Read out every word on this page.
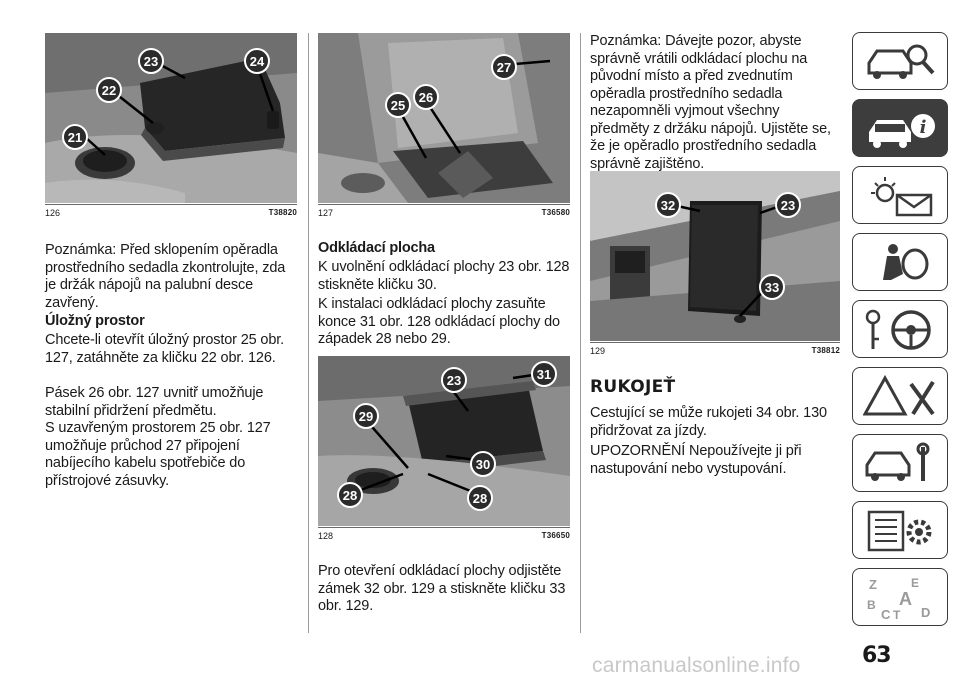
21
22
23	24
126	T38820

Poznámka: Před sklopením opěradla prostředního sedadla zkontrolujte, zda je držák nápojů na palubní desce zavřený.

Úložný prostor

Chcete-li otevřít úložný prostor 25 obr. 127, zatáhněte za kličku 22 obr. 126.

Pásek 26 obr. 127 uvnitř umožňuje stabilní přidržení předmětu.

S uzavřeným prostorem 25 obr. 127 umožňuje průchod 27 připojení nabíjecího kabelu spotřebiče do přístrojové zásuvky.

25
26
27
127	T36580
Odkládací plocha

K uvolnění odkládací plochy 23 obr. 128 stiskněte kličku 30.

K instalaci odkládací plochy zasuňte konce 31 obr. 128 odkládací plochy do západek 28 nebo 29.

23	31
29
30
28	28
128	T36650

Pro otevření odkládací plochy odjistěte zámek 32 obr. 129 a stiskněte kličku 33 obr. 129.

Poznámka: Dávejte pozor, abyste správně vrátili odkládací plochu na původní místo a před zvednutím opěradla prostředního sedadla nezapomněli vyjmout všechny předměty z držáku nápojů. Ujistěte se, že je opěradlo prostředního sedadla správně zajištěno.

32	23
33
129	T38812
RUKOJEŤ

Cestující se může rukojeti 34 obr. 130 přidržovat za jízdy.

UPOZORNĚNÍ Nepoužívejte ji při nastupování nebo vystupování.

i
Z	E
A
B
C T D
63
carmanualsonline.info
